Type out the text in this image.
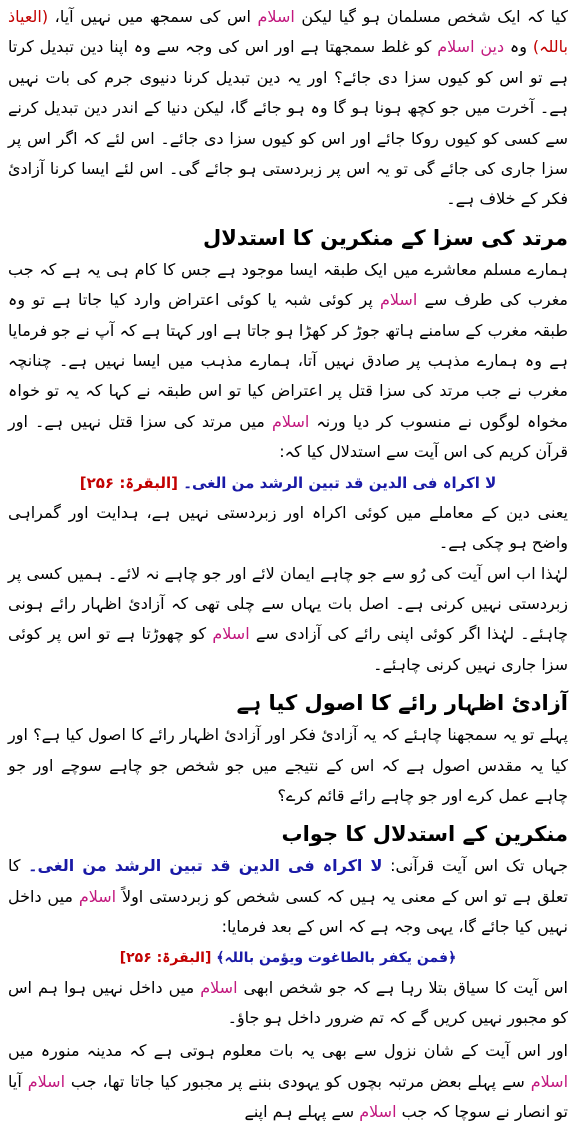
کیا کہ ایک شخص مسلمان ہو گیا لیکن اسلام اس کی سمجھ میں نہیں آیا، (العیاذ باللہ) وہ دین اسلام کو غلط سمجھتا ہے اور اس کی وجہ سے وہ اپنا دین تبدیل کرتا ہے تو اس کو کیوں سزا دی جائے؟ اور یہ دین تبدیل کرنا دنیوی جرم کی بات نہیں ہے۔ آخرت میں جو کچھ ہونا ہو گا وہ ہو جائے گا، لیکن دنیا کے اندر دین تبدیل کرنے سے کسی کو کیوں روکا جائے اور اس کو کیوں سزا دی جائے۔ اس لئے کہ اگر اس پر سزا جاری کی جائے گی تو یہ اس پر زبردستی ہو جائے گی۔ اس لئے ایسا کرنا آزادئ فکر کے خلاف ہے۔

مرتد کی سزا کے منکرین کا استدلال

ہمارے مسلم معاشرے میں ایک طبقہ ایسا موجود ہے جس کا کام ہی یہ ہے کہ جب مغرب کی طرف سے اسلام پر کوئی شبہ یا کوئی اعتراض وارد کیا جاتا ہے تو وہ طبقہ مغرب کے سامنے ہاتھ جوڑ کر کھڑا ہو جاتا ہے اور کہتا ہے کہ آپ نے جو فرمایا ہے وہ ہمارے مذہب پر صادق نہیں آتا، ہمارے مذہب میں ایسا نہیں ہے۔ چنانچہ مغرب نے جب مرتد کی سزا قتل پر اعتراض کیا تو اس طبقہ نے کہا کہ یہ تو خواہ مخواہ لوگوں نے منسوب کر دیا ورنہ اسلام میں مرتد کی سزا قتل نہیں ہے۔ اور قرآن کریم کی اس آیت سے استدلال کیا کہ:

لا اکراہ فی الدین قد تبین الرشد من الغی۔ [البقرۃ: ۲۵۶]

یعنی دین کے معاملے میں کوئی اکراہ اور زبردستی نہیں ہے، ہدایت اور گمراہی واضح ہو چکی ہے۔

لہٰذا اب اس آیت کی رُو سے جو چاہے ایمان لائے اور جو چاہے نہ لائے۔ ہمیں کسی پر زبردستی نہیں کرنی ہے۔ اصل بات یہاں سے چلی تھی کہ آزادئ اظہار رائے ہونی چاہئے۔ لہٰذا اگر کوئی اپنی رائے کی آزادی سے اسلام کو چھوڑتا ہے تو اس پر کوئی سزا جاری نہیں کرنی چاہئے۔

آزادئ اظہار رائے کا اصول کیا ہے

پہلے تو یہ سمجھنا چاہئے کہ یہ آزادئ فکر اور آزادئ اظہار رائے کا اصول کیا ہے؟ اور کیا یہ مقدس اصول ہے کہ اس کے نتیجے میں جو شخص جو چاہے سوچے اور جو چاہے عمل کرے اور جو چاہے رائے قائم کرے؟

منکرین کے استدلال کا جواب

جہاں تک اس آیت قرآنی: لا اکراہ فی الدین قد تبین الرشد من الغی۔ کا تعلق ہے تو اس کے معنی یہ ہیں کہ کسی شخص کو زبردستی اولاً اسلام میں داخل نہیں کیا جائے گا، یہی وجہ ہے کہ اس کے بعد فرمایا:

﴿فمن یکفر بالطاغوت ویؤمن باللہ﴾ [البقرۃ: ۲۵۶]

اس آیت کا سیاق بتلا رہا ہے کہ جو شخص ابھی اسلام میں داخل نہیں ہوا ہم اس کو مجبور نہیں کریں گے کہ تم ضرور داخل ہو جاؤ۔

اور اس آیت کے شان نزول سے بھی یہ بات معلوم ہوتی ہے کہ مدینہ منورہ میں اسلام سے پہلے بعض مرتبہ بچوں کو یہودی بننے پر مجبور کیا جاتا تھا، جب اسلام آیا تو انصار نے سوچا کہ جب اسلام سے پہلے ہم اپنے
